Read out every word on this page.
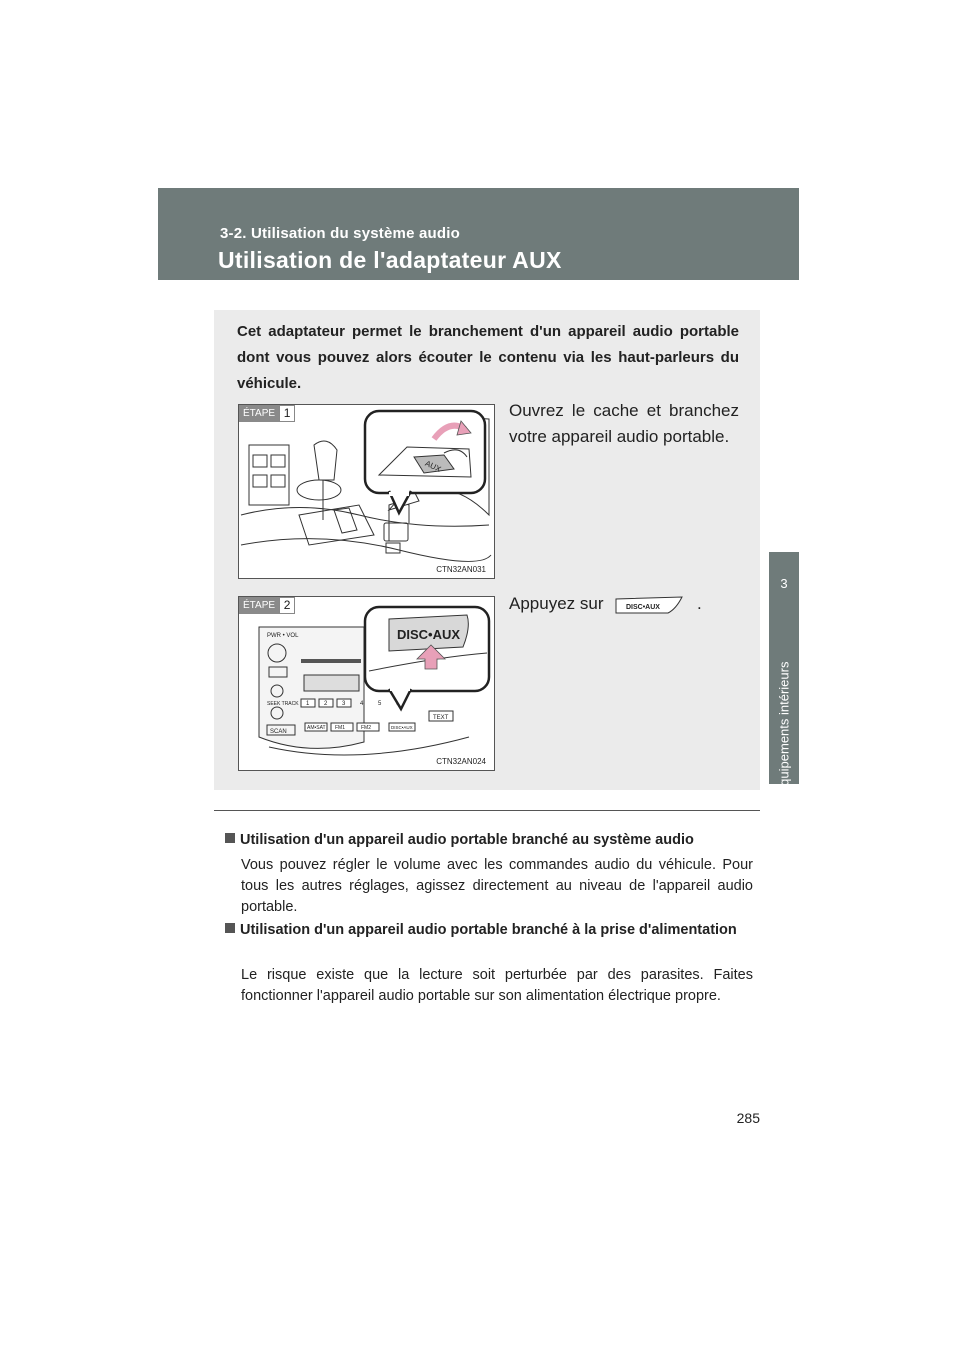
3-2. Utilisation du système audio
Utilisation de l'adaptateur AUX
3
Équipements intérieurs
Cet adaptateur permet le branchement d'un appareil audio portable dont vous pouvez alors écouter le contenu via les haut-parleurs du véhicule.
ÉTAPE 1
AUX
CTN32AN031
Ouvrez le cache et branchez votre appareil audio portable.
ÉTAPE 2
PWR • VOL
SEEK TRACK
SCAN
TEXT
1 2 3 4 5
AM•SAT FM1	FM2	DISC•AUX
DISC•AUX
CTN32AN024
Appuyez sur	DISC•AUX .
Utilisation d'un appareil audio portable branché au système audio
Vous pouvez régler le volume avec les commandes audio du véhicule. Pour tous les autres réglages, agissez directement au niveau de l'appareil audio portable.
Utilisation d'un appareil audio portable branché à la prise d'alimentation
Le risque existe que la lecture soit perturbée par des parasites. Faites fonctionner l'appareil audio portable sur son alimentation électrique propre.
285
